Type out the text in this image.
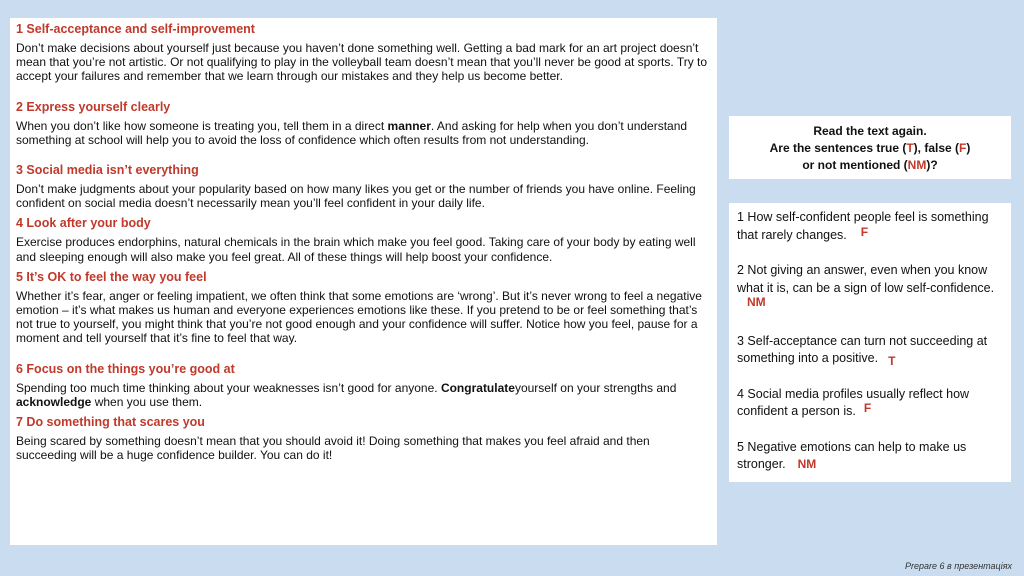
1 Self-acceptance and self-improvement

Don’t make decisions about yourself just because you haven’t done something well. Getting a bad mark for an art project doesn’t mean that you’re not artistic. Or not qualifying to play in the volleyball team doesn’t mean that you’ll never be good at sports. Try to accept your failures and remember that we learn through our mistakes and they help us become better.

2 Express yourself clearly

When you don’t like how someone is treating you, tell them in a direct manner. And asking for help when you don’t understand something at school will help you to avoid the loss of confidence which often results from not understanding.

3 Social media isn’t everything

Don’t make judgments about your popularity based on how many likes you get or the number of friends you have online. Feeling confident on social media doesn’t necessarily mean you’ll feel confident in your daily life.

4 Look after your body

Exercise produces endorphins, natural chemicals in the brain which make you feel good. Taking care of your body by eating well and sleeping enough will also make you feel great. All of these things will help boost your confidence.

5 It’s OK to feel the way you feel

Whether it’s fear, anger or feeling impatient, we often think that some emotions are ‘wrong’. But it’s never wrong to feel a negative emotion – it’s what makes us human and everyone experiences emotions like these. If you pretend to be or feel something that’s not true to yourself, you might think that you’re not good enough and your confidence will suffer. Notice how you feel, pause for a moment and tell yourself that it’s fine to feel that way.

6 Focus on the things you’re good at

Spending too much time thinking about your weaknesses isn’t good for anyone. Congratulateyourself on your strengths and acknowledge when you use them.

7 Do something that scares you

Being scared by something doesn’t mean that you should avoid it! Doing something that makes you feel afraid and then succeeding will be a huge confidence builder. You can do it!

Read the text again.
Are the sentences true (T), false (F)
or not mentioned (NM)?

1 How self-confident people feel is something that rarely changes. F

2 Not giving an answer, even when you know what it is, can be a sign of low self-confidence.NM

3 Self-acceptance can turn not succeeding at something into a positive. T

4 Social media profiles usually reflect how confident a person is. F

5 Negative emotions can help to make us stronger. NM

Prepare 6 в презентаціях
